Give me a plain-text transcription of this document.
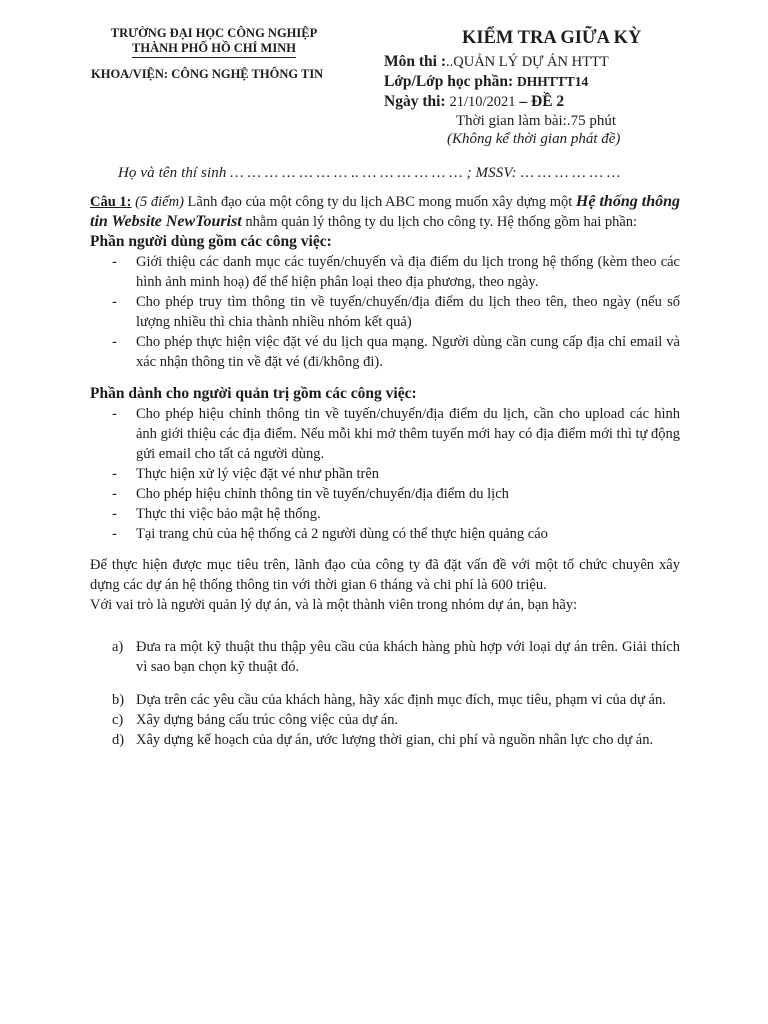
TRƯỜNG ĐẠI HỌC CÔNG NGHIỆP
THÀNH PHỐ HỒ CHÍ MINH
KHOA/VIỆN: CÔNG NGHỆ THÔNG TIN
KIỂM TRA GIỮA KỲ
Môn thi :..QUẢN LÝ DỰ ÁN HTTT
Lớp/Lớp học phần: DHHTTT14
Ngày thi: 21/10/2021 – ĐỀ 2
Thời gian làm bài:.75 phút
(Không kể thời gian phát đề)
Họ và tên thí sinh … … … … … … … .. … … … … … … ; MSSV: … … … … … …

Câu 1: (5 điểm) Lãnh đạo của một công ty du lịch ABC mong muốn xây dựng một Hệ thống thông tin Website NewTourist nhằm quản lý thông ty du lịch cho công ty. Hệ thống gồm hai phần:

Phần người dùng gồm các công việc:

- Giới thiệu các danh mục các tuyến/chuyến và địa điểm du lịch trong hệ thống (kèm theo các hình ảnh minh hoạ) để thể hiện phân loại theo địa phương, theo ngày.
- Cho phép truy tìm thông tin về tuyến/chuyến/địa điểm du lịch theo tên, theo ngày (nếu số lượng nhiều thì chia thành nhiều nhóm kết quả)
- Cho phép thực hiện việc đặt vé du lịch qua mạng. Người dùng cần cung cấp địa chỉ email và xác nhận thông tin về đặt vé (đi/không đi).

Phần dành cho người quản trị gồm các công việc:

- Cho phép hiệu chỉnh thông tin về tuyến/chuyến/địa điểm du lịch, cần cho upload các hình ảnh giới thiệu các địa điểm. Nếu mỗi khi mở thêm tuyến mới hay có địa điểm mới thì tự động gửi email cho tất cả người dùng.
- Thực hiện xử lý việc đặt vé như phần trên
- Cho phép hiệu chỉnh thông tin về tuyến/chuyến/địa điểm du lịch
- Thực thi việc bảo mật hệ thống.
- Tại trang chủ của hệ thống cả 2 người dùng có thể thực hiện quảng cáo

Để thực hiện được mục tiêu trên, lãnh đạo của công ty đã đặt vấn đề với một tổ chức chuyên xây dựng các dự án hệ thống thông tin với thời gian 6 tháng và chi phí là 600 triệu.

Với vai trò là người quản lý dự án, và là một thành viên trong nhóm dự án, bạn hãy:

a) Đưa ra một kỹ thuật thu thập yêu cầu của khách hàng phù hợp với loại dự án trên. Giải thích vì sao bạn chọn kỹ thuật đó.
b) Dựa trên các yêu cầu của khách hàng, hãy xác định mục đích, mục tiêu, phạm vi của dự án.
c) Xây dựng bảng cấu trúc công việc của dự án.
d) Xây dựng kế hoạch của dự án, ước lượng thời gian, chi phí và nguồn nhân lực cho dự án.
